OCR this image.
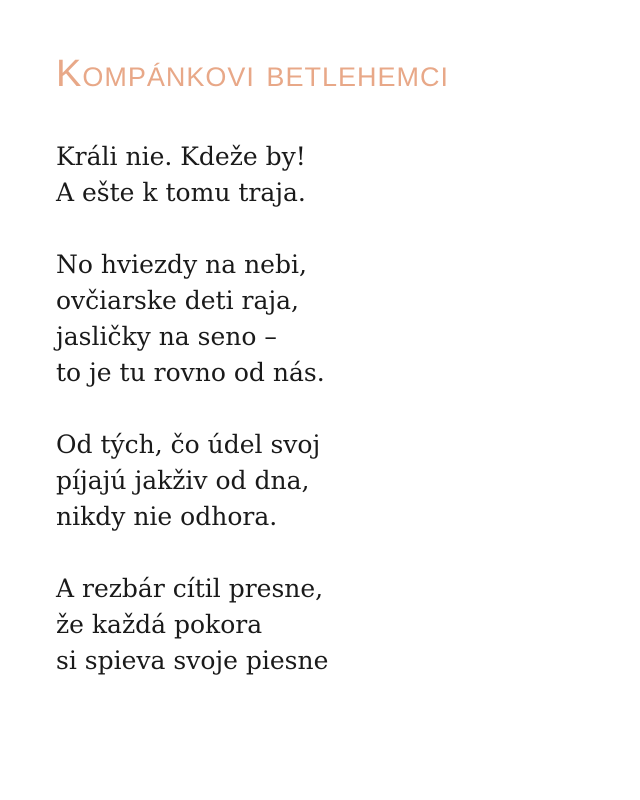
Kompánkovi betlehemci
Králi nie. Kdeže by!
A ešte k tomu traja.
No hviezdy na nebi,
ovčiarske deti raja,
jasličky na seno –
to je tu rovno od nás.
Od tých, čo údel svoj
píjajú jakživ od dna,
nikdy nie odhora.
A rezbár cítil presne,
že každá pokora
si spieva svoje piesne
